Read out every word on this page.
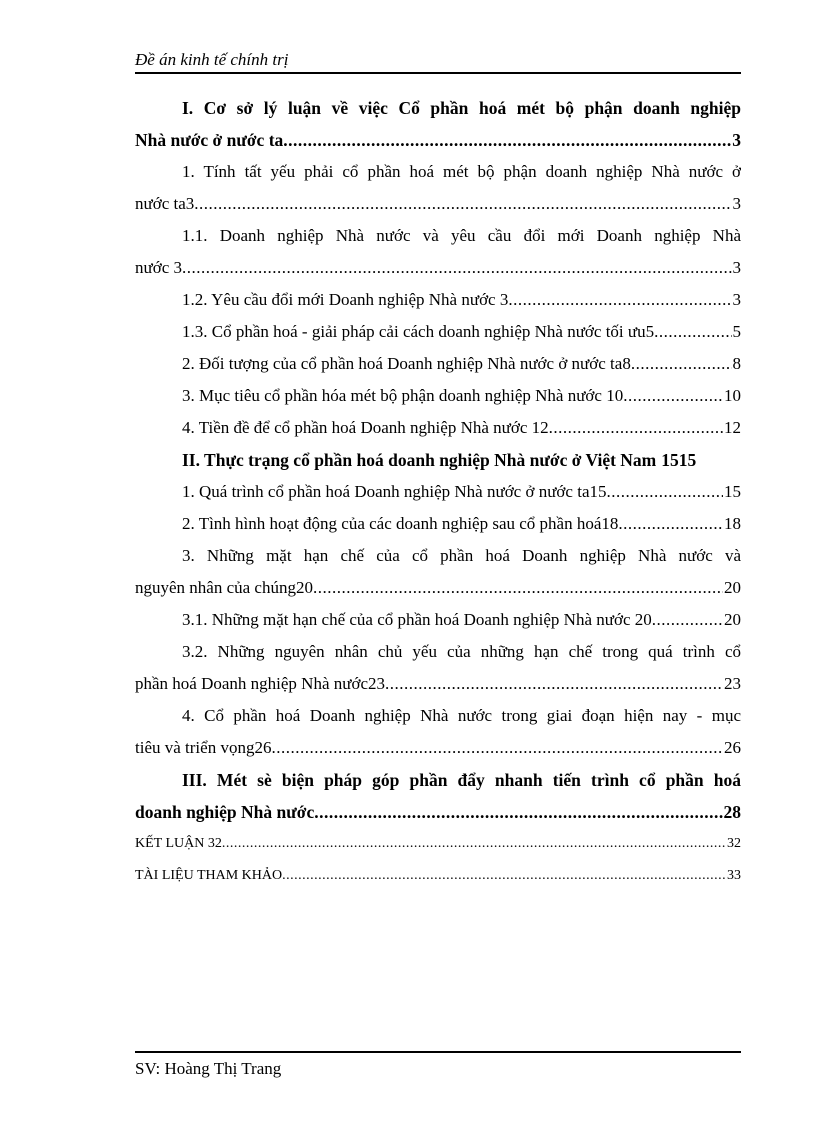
Đề án kinh tế chính trị
I. Cơ sở lý luận về việc Cổ phần hoá mét bộ phận doanh nghiệp
Nhà nước ở nước ta .....	3
1. Tính tất yếu phải cổ phần hoá mét bộ phận doanh nghiệp Nhà nước ở
nước ta3 .....	3
1.1. Doanh nghiệp Nhà nước và yêu cầu đổi mới Doanh nghiệp Nhà
nước 3 .....	3
1.2. Yêu cầu đổi mới Doanh nghiệp Nhà nước 3 .....	3
1.3. Cổ phần hoá - giải pháp cải cách doanh nghiệp Nhà nước tối ưu5 .....	5
2. Đối tượng của cổ phần hoá Doanh nghiệp Nhà nước ở nước ta8 .....	8
3. Mục tiêu cổ phần hóa mét bộ phận doanh nghiệp Nhà nước 10 .....	10
4. Tiền đề để cổ phần hoá Doanh nghiệp Nhà nước 12 .....	12
II. Thực trạng cổ phần hoá doanh nghiệp Nhà nước ở Việt Nam 1515
1. Quá trình cổ phần hoá Doanh nghiệp Nhà nước ở nước ta15 .....	15
2. Tình hình hoạt động của các doanh nghiệp sau cổ phần hoá18 .....	18
3. Những mặt hạn chế của cổ phần hoá Doanh nghiệp Nhà nước và
nguyên nhân của chúng20 .....	20
3.1. Những mặt hạn chế của cổ phần hoá Doanh nghiệp Nhà nước 20 .....	20
3.2. Những nguyên nhân chủ yếu của những hạn chế trong quá trình cổ
phần hoá Doanh nghiệp Nhà nước23 .....	23
4. Cổ phần hoá Doanh nghiệp Nhà nước trong giai đoạn hiện nay - mục
tiêu và triển vọng26 .....	26
III. Mét sè biện pháp góp phần đẩy nhanh tiến trình cổ phần hoá
doanh nghiệp Nhà nước .....	28
KẾT LUẬN 32 .....	32
TÀI LIỆU THAM KHẢO .....	33
SV: Hoàng Thị Trang
